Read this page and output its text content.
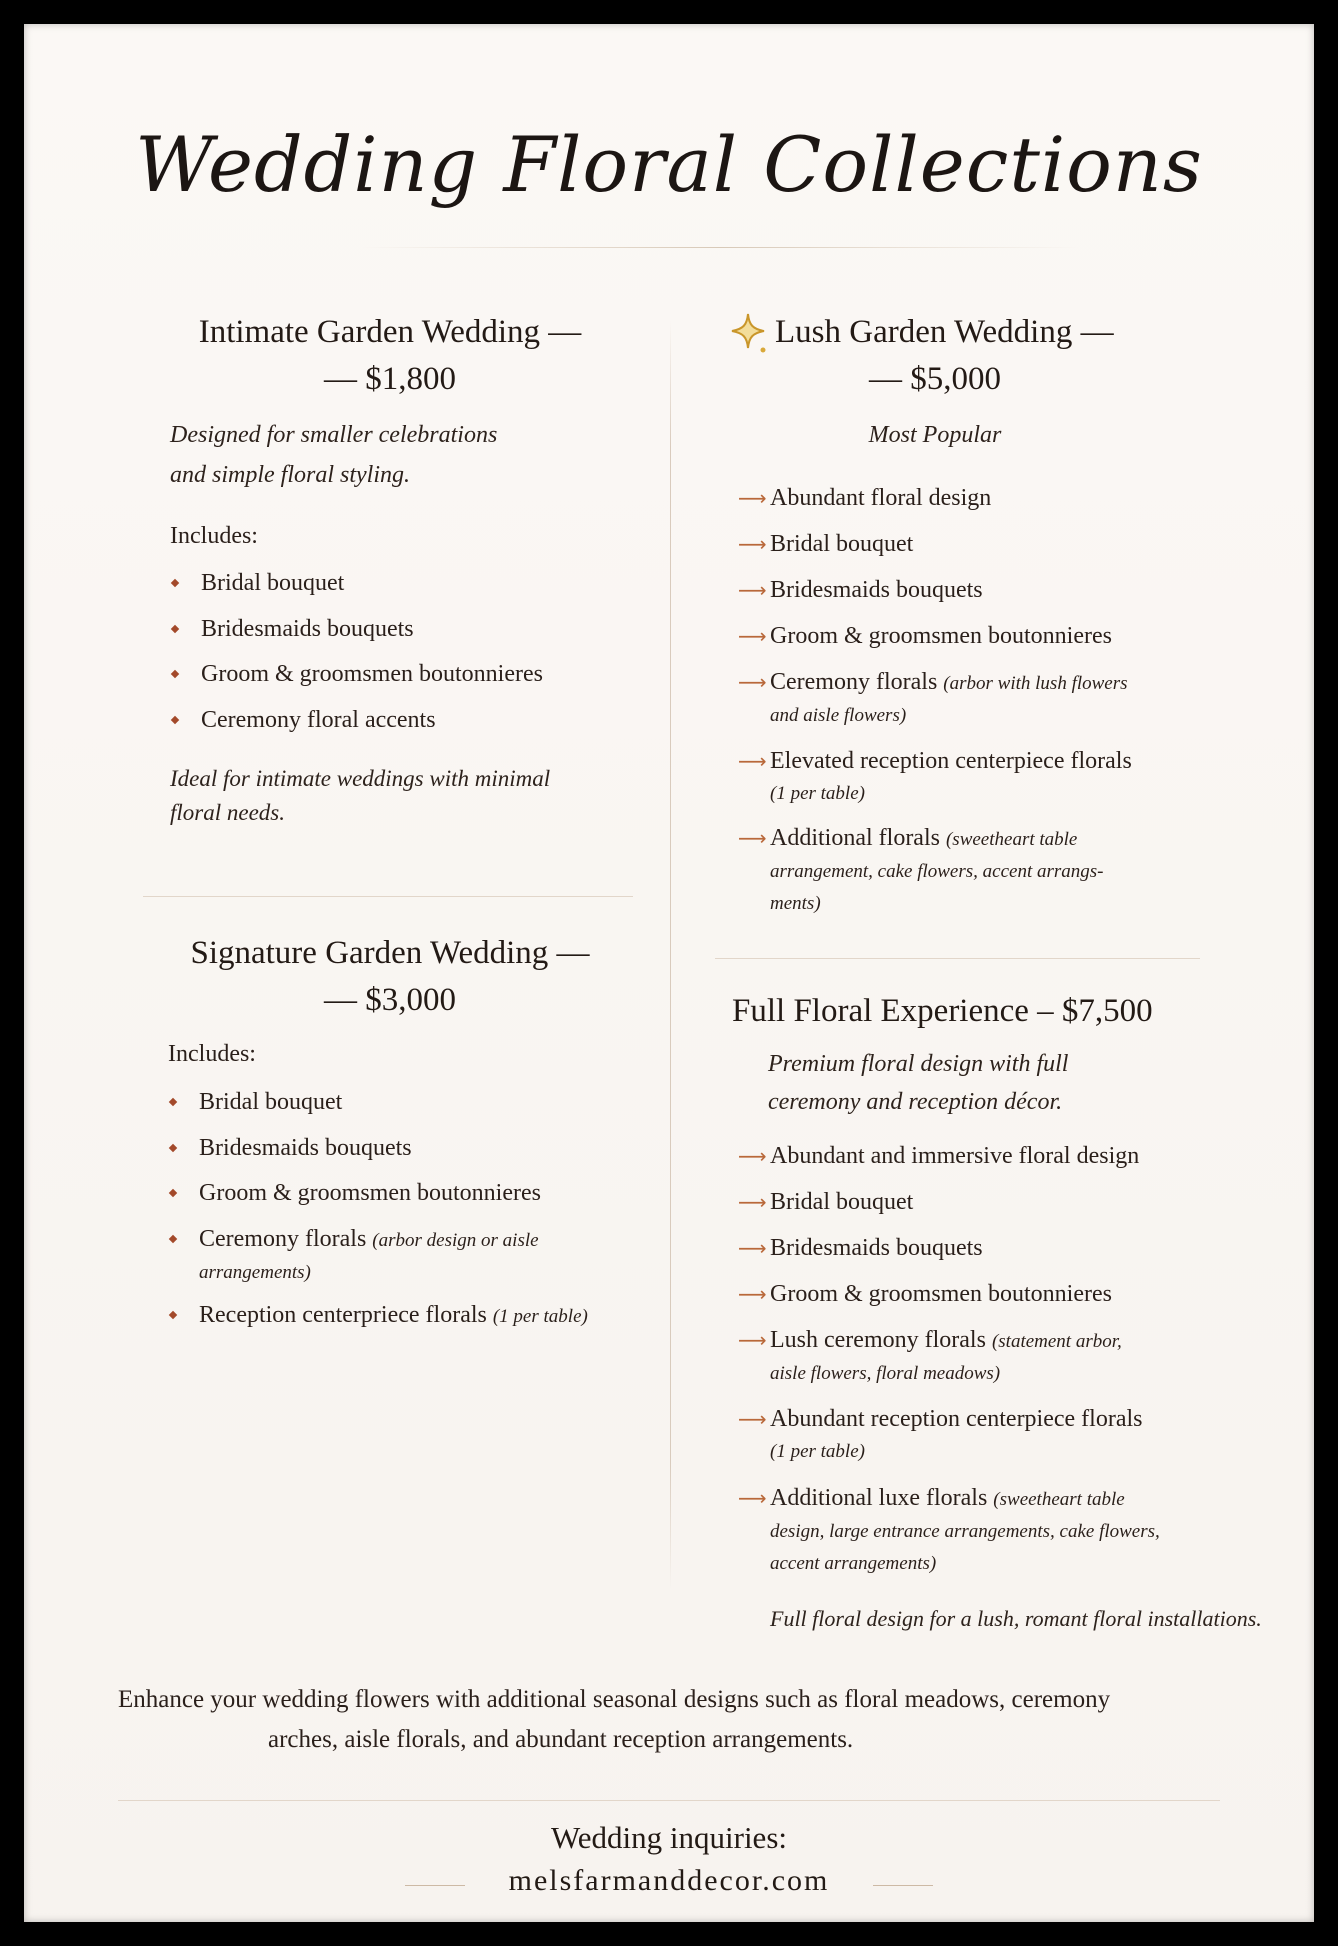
Wedding Floral Collections
Intimate Garden Wedding —
— $1,800
Designed for smaller celebrations
and simple floral styling.
Includes:
Bridal bouquet
Bridesmaids bouquets
Groom & groomsmen boutonnieres
Ceremony floral accents
Ideal for intimate weddings with minimal
floral needs.
Signature Garden Wedding —
— $3,000
Includes:
Bridal bouquet
Bridesmaids bouquets
Groom & groomsmen boutonnieres
Ceremony florals (arbor design or aisle
arrangements)
Reception centerpriece florals (1 per table)
Lush Garden Wedding —
— $5,000
Most Popular
⟶ Abundant floral design
⟶ Bridal bouquet
⟶ Bridesmaids bouquets
⟶ Groom & groomsmen boutonnieres
⟶ Ceremony florals (arbor with lush flowers
and aisle flowers)
⟶ Elevated reception centerpiece florals
(1 per table)
⟶ Additional florals (sweetheart table
arrangement, cake flowers, accent arrangs-
ments)
Full Floral Experience – $7,500
Premium floral design with full
ceremony and reception décor.
⟶ Abundant and immersive floral design
⟶ Bridal bouquet
⟶ Bridesmaids bouquets
⟶ Groom & groomsmen boutonnieres
⟶ Lush ceremony florals (statement arbor,
aisle flowers, floral meadows)
⟶ Abundant reception centerpiece florals
(1 per table)
⟶ Additional luxe florals (sweetheart table
design, large entrance arrangements, cake flowers,
accent arrangements)
Full floral design for a lush, romant floral installations.
Enhance your wedding flowers with additional seasonal designs such as floral meadows, ceremony
arches, aisle florals, and abundant reception arrangements.
Wedding inquiries:
melsfarmanddecor.com
